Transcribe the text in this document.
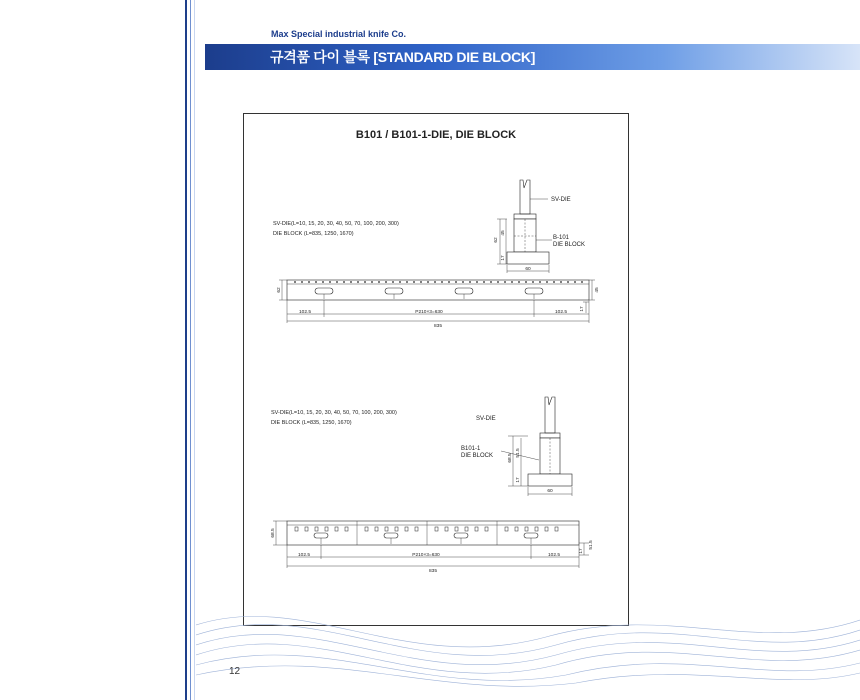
Max Special industrial knife Co.
규격품 다이 블록 [STANDARD DIE BLOCK]
B101 / B101-1-DIE, DIE BLOCK
SV-DIE(L=10, 15, 20, 30, 40, 50, 70, 100, 200, 300)
DIE BLOCK (L=835, 1250, 1670)
SV-DIE
B-101
DIE BLOCK
62
45
17
60
62	45
17
102.5	P210×3=630	102.5
835
SV-DIE(L=10, 15, 20, 30, 40, 50, 70, 100, 200, 300)
DIE BLOCK (L=835, 1250, 1670)
SV-DIE
B101-1
DIE BLOCK	68.5
51.5
17
60
68.5
51.5
17
102.5	P210×3=630	102.5
835
12
